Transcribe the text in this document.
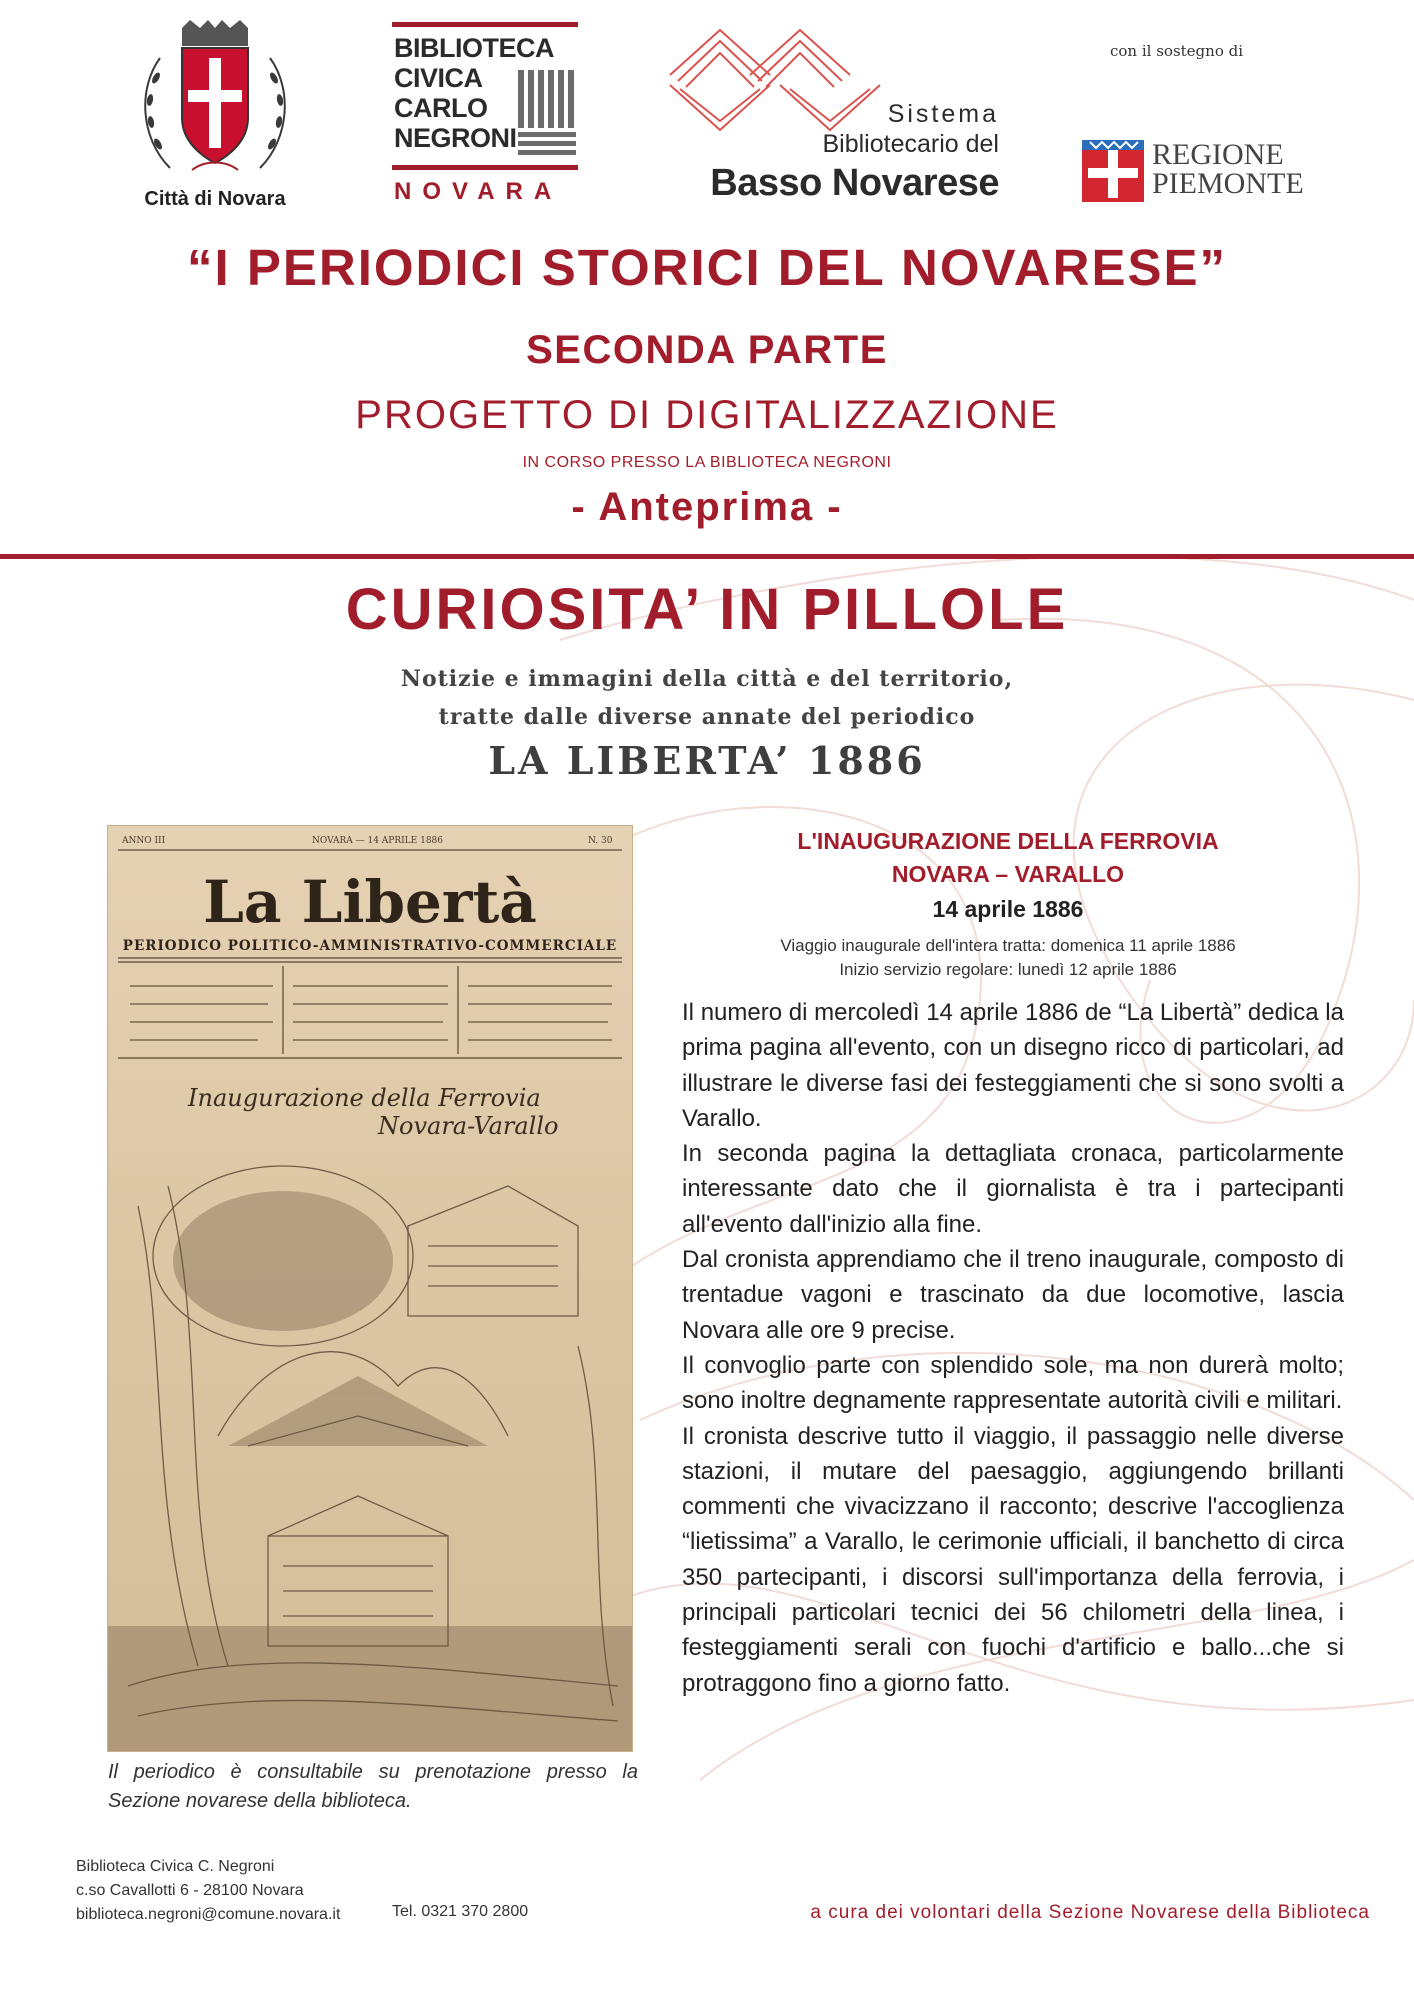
Città di Novara
BIBLIOTECA
CIVICA
CARLO
NEGRONI
NOVARA
Sistema
Bibliotecario del
Basso Novarese
con il sostegno di
REGIONE
PIEMONTE
“I PERIODICI STORICI DEL NOVARESE”
SECONDA PARTE
PROGETTO DI DIGITALIZZAZIONE
IN CORSO PRESSO LA BIBLIOTECA NEGRONI
- Anteprima -
CURIOSITA’ IN PILLOLE
Notizie e immagini della città e del territorio,
tratte dalle diverse annate del periodico
LA LIBERTA’ 1886
ANNO III	NOVARA — 14 APRILE 1886	N. 30
La Libertà
PERIODICO POLITICO-AMMINISTRATIVO-COMMERCIALE
Inaugurazione della Ferrovia
Novara-Varallo
Il periodico è consultabile su prenotazione presso la Sezione novarese della biblioteca.
L'INAUGURAZIONE DELLA FERROVIA
NOVARA – VARALLO
14 aprile 1886
Viaggio inaugurale dell'intera tratta: domenica 11 aprile 1886
Inizio servizio regolare: lunedì 12 aprile 1886

Il numero di mercoledì 14 aprile 1886 de “La Libertà” dedica la prima pagina all'evento, con un disegno ricco di particolari, ad illustrare le diverse fasi dei festeggiamenti che si sono svolti a Varallo.

In seconda pagina la dettagliata cronaca, particolarmente interessante dato che il giornalista è tra i partecipanti all'evento dall'inizio alla fine.

Dal cronista apprendiamo che il treno inaugurale, composto di trentadue vagoni e trascinato da due locomotive, lascia Novara alle ore 9 precise.

Il convoglio parte con splendido sole, ma non durerà molto; sono inoltre degnamente rappresentate autorità civili e militari.

Il cronista descrive tutto il viaggio, il passaggio nelle diverse stazioni, il mutare del paesaggio, aggiungendo brillanti commenti che vivacizzano il racconto; descrive l'accoglienza “lietissima” a Varallo, le cerimonie ufficiali, il banchetto di circa 350 partecipanti, i discorsi sull'importanza della ferrovia, i principali particolari tecnici dei 56 chilometri della linea, i festeggiamenti serali con fuochi d'artificio e ballo...che si protraggono fino a giorno fatto.

Biblioteca Civica C. Negroni
c.so Cavallotti 6 - 28100 Novara
biblioteca.negroni@comune.novara.it	Tel. 0321 370 2800	a cura dei volontari della Sezione Novarese della Biblioteca
